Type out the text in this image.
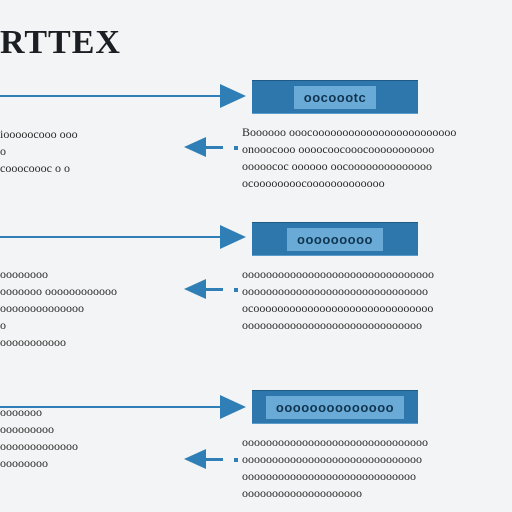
RTTEX
oocoootc
iooooocooo ooo
o
cooocoooc o o
Boooooo ooocoooooooooooooooooooooooo
onooocooo oooocoocooocooooooooooo
ooooococ oooooo oocoooooooooooooo
ocoooooooocooooooooooooo
ooooooooo
oooooooo
ooooooo oooooooooooo
oooooooooooooo
o
ooooooooooo
oooooooooooooooooooooooooooooooo
ooooooooooooooooooooooooooooooo
ocoooooooooooooooooooooooooooooo
oooooooooooooooooooooooooooooo
oooooooooooooo
ooooooo
ooooooooo
ooooooooooooo
oooooooo
ooooooooooooooooooooooooooooooo
oooooooooooooooooooooooooooooo
ooooooooooooooooooooooooooooo
oooooooooooooooooooo
